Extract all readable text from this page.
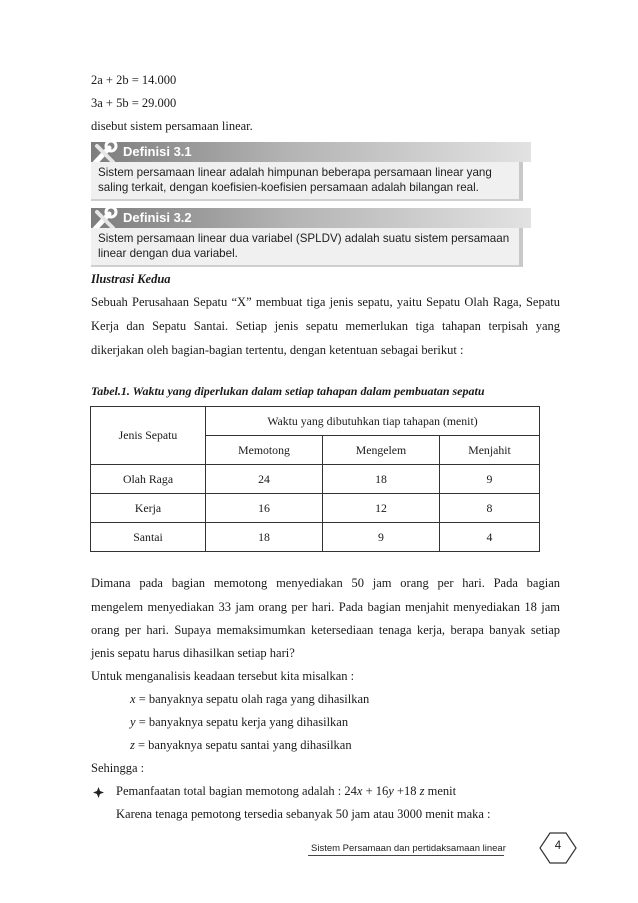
2a + 2b = 14.000
3a + 5b = 29.000
disebut sistem persamaan linear.
Definisi 3.1
Sistem persamaan linear adalah himpunan beberapa persamaan linear yang
saling terkait, dengan koefisien-koefisien persamaan adalah bilangan real.
Definisi 3.2
Sistem persamaan linear dua variabel (SPLDV) adalah suatu sistem persamaan
linear dengan dua variabel.
Ilustrasi Kedua
Sebuah Perusahaan Sepatu “X” membuat tiga jenis sepatu, yaitu Sepatu Olah Raga, Sepatu
Kerja dan Sepatu Santai. Setiap jenis sepatu memerlukan tiga tahapan terpisah yang
dikerjakan oleh bagian-bagian tertentu, dengan ketentuan sebagai berikut :
Tabel.1. Waktu yang diperlukan dalam setiap tahapan dalam pembuatan sepatu
Jenis Sepatu	Waktu yang dibutuhkan tiap tahapan (menit)		
	Memotong	Mengelem	Menjahit
Olah Raga	24	18	9
Kerja	16	12	8
Santai	18	9	4
Dimana pada bagian memotong menyediakan 50 jam orang per hari. Pada bagian
mengelem menyediakan 33 jam orang per hari. Pada bagian menjahit menyediakan 18 jam
orang per hari. Supaya memaksimumkan ketersediaan tenaga kerja, berapa banyak setiap
jenis sepatu harus dihasilkan setiap hari?
Untuk menganalisis keadaan tersebut kita misalkan :
x = banyaknya sepatu olah raga yang dihasilkan
y = banyaknya sepatu kerja yang dihasilkan
z = banyaknya sepatu santai yang dihasilkan
Sehingga :
Pemanfaatan total bagian memotong adalah : 24x + 16y +18 z menit
Karena tenaga pemotong tersedia sebanyak 50 jam atau 3000 menit maka :
Sistem Persamaan dan pertidaksamaan linear	4
